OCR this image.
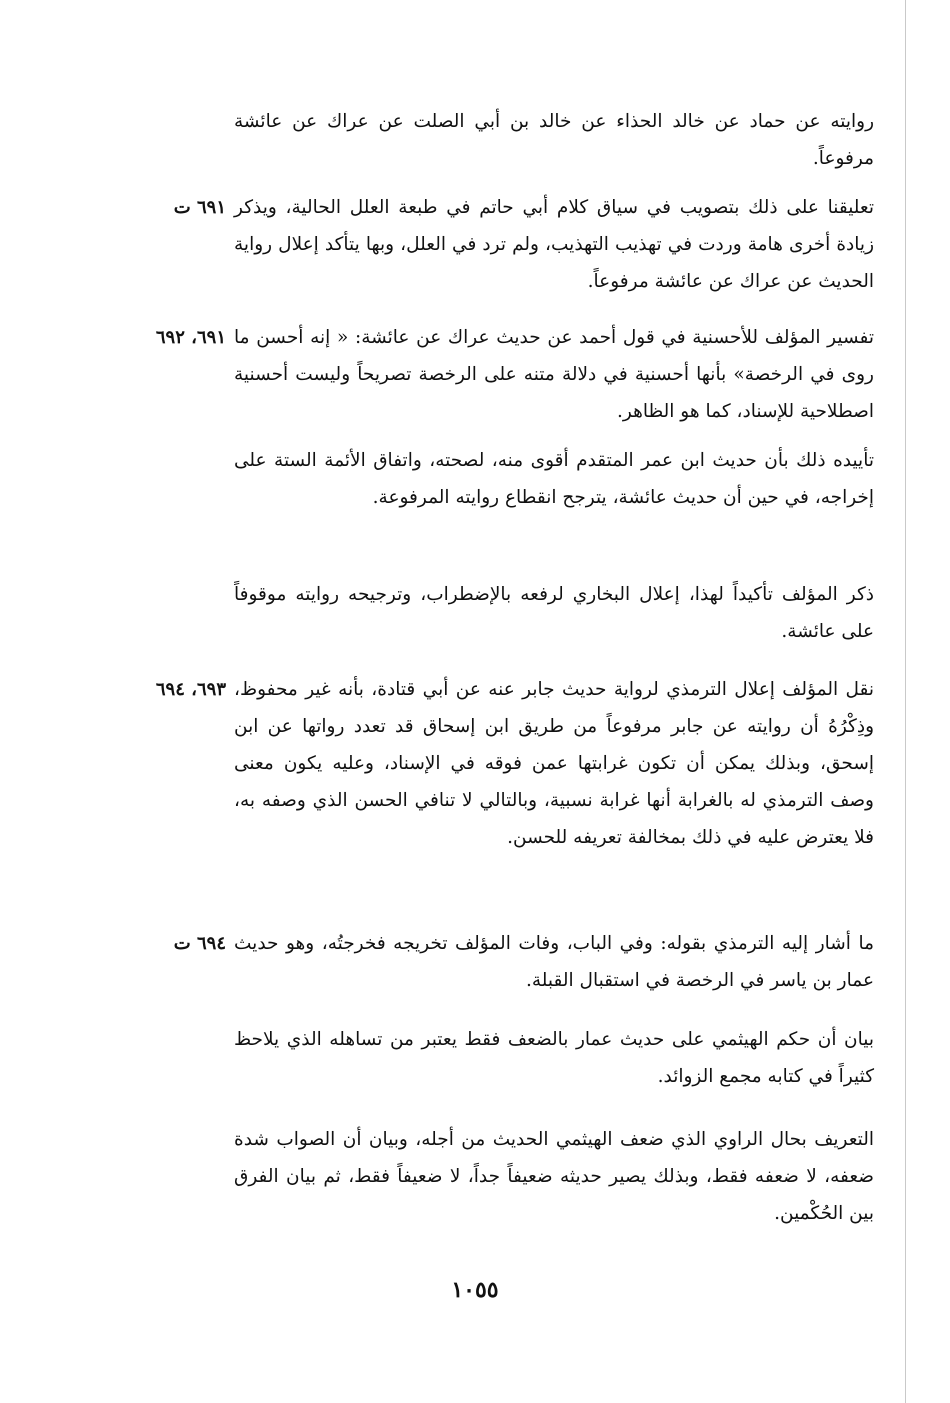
روايته عن حماد عن خالد الحذاء عن خالد بن أبي الصلت عن عراك عن عائشة مرفوعاً.

تعليقنا على ذلك بتصويب في سياق كلام أبي حاتم في طبعة العلل الحالية، ويذكر زيادة أخرى هامة وردت في تهذيب التهذيب، ولم ترد في العلل، وبها يتأكد إعلال رواية الحديث عن عراك عن عائشة مرفوعاً.

٦٩١ ت

تفسير المؤلف للأحسنية في قول أحمد عن حديث عراك عن عائشة: « إنه أحسن ما روى في الرخصة» بأنها أحسنية في دلالة متنه على الرخصة تصريحاً وليست أحسنية اصطلاحية للإسناد، كما هو الظاهر.

٦٩١، ٦٩٢

تأييده ذلك بأن حديث ابن عمر المتقدم أقوى منه، لصحته، واتفاق الأئمة الستة على إخراجه، في حين أن حديث عائشة، يترجح انقطاع روايته المرفوعة.

ذكر المؤلف تأكيداً لهذا، إعلال البخاري لرفعه بالإضطراب، وترجيحه روايته موقوفاً على عائشة.

نقل المؤلف إعلال الترمذي لرواية حديث جابر عنه عن أبي قتادة، بأنه غير محفوظ، وذِكْرُهُ أن روايته عن جابر مرفوعاً من طريق ابن إسحاق قد تعدد رواتها عن ابن إسحق، وبذلك يمكن أن تكون غرابتها عمن فوقه في الإسناد، وعليه يكون معنى وصف الترمذي له بالغرابة أنها غرابة نسبية، وبالتالي لا تنافي الحسن الذي وصفه به، فلا يعترض عليه في ذلك بمخالفة تعريفه للحسن.

٦٩٣، ٦٩٤

ما أشار إليه الترمذي بقوله: وفي الباب، وفات المؤلف تخريجه فخرجتُه، وهو حديث عمار بن ياسر في الرخصة في استقبال القبلة.

٦٩٤ ت

بيان أن حكم الهيثمي على حديث عمار بالضعف فقط يعتبر من تساهله الذي يلاحظ كثيراً في كتابه مجمع الزوائد.

التعريف بحال الراوي الذي ضعف الهيثمي الحديث من أجله، وبيان أن الصواب شدة ضعفه، لا ضعفه فقط، وبذلك يصير حديثه ضعيفاً جداً، لا ضعيفاً فقط، ثم بيان الفرق بين الحُكْمين.

١٠٥٥
